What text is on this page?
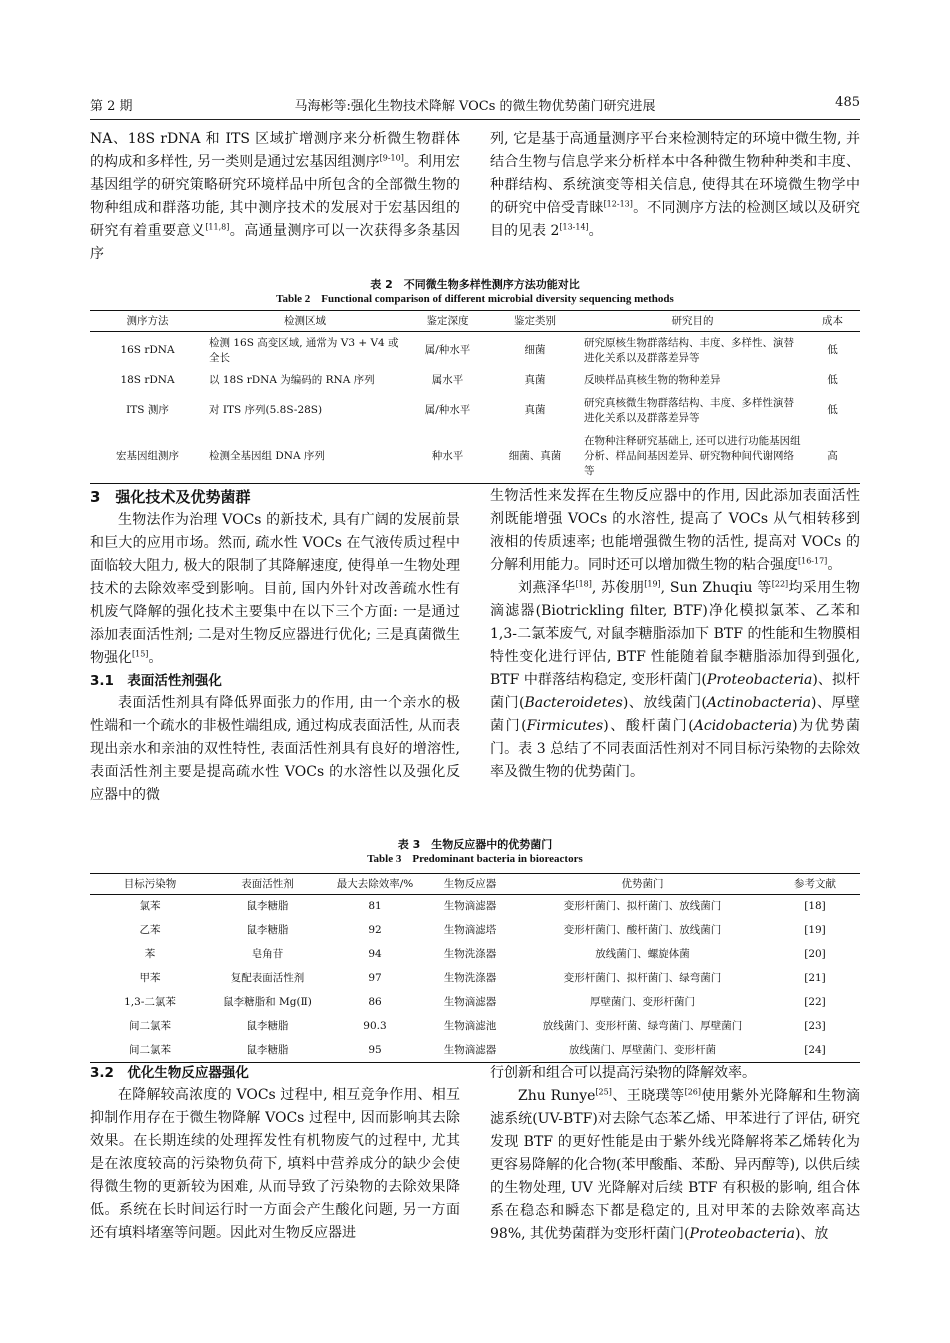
第 2 期	马海彬等:强化生物技术降解 VOCs 的微生物优势菌门研究进展	485

NA、18S rDNA 和 ITS 区域扩增测序来分析微生物群体的构成和多样性, 另一类则是通过宏基因组测序[9-10]。利用宏基因组学的研究策略研究环境样品中所包含的全部微生物的物种组成和群落功能, 其中测序技术的发展对于宏基因组的研究有着重要意义[11,8]。高通量测序可以一次获得多条基因序

列, 它是基于高通量测序平台来检测特定的环境中微生物, 并结合生物与信息学来分析样本中各种微生物种种类和丰度、种群结构、系统演变等相关信息, 使得其在环境微生物学中的研究中倍受青睐[12-13]。不同测序方法的检测区域以及研究目的见表 2[13-14]。

表 2　不同微生物多样性测序方法功能对比
Table 2　Functional comparison of different microbial diversity sequencing methods
测序方法	检测区域	鉴定深度	鉴定类别	研究目的	成本
16S rDNA	检测 16S 高变区域, 通常为 V3 + V4 或全长	属/种水平	细菌	研究原核生物群落结构、丰度、多样性、演替进化关系以及群落差异等	低
18S rDNA	以 18S rDNA 为编码的 RNA 序列	属水平	真菌	反映样品真核生物的物种差异	低
ITS 测序	对 ITS 序列(5.8S-28S)	属/种水平	真菌	研究真核微生物群落结构、丰度、多样性演替进化关系以及群落差异等	低
宏基因组测序	检测全基因组 DNA 序列	种水平	细菌、真菌	在物种注释研究基础上, 还可以进行功能基因组分析、样品间基因差异、研究物种间代谢网络等	高
3　强化技术及优势菌群

生物法作为治理 VOCs 的新技术, 具有广阔的发展前景和巨大的应用市场。然而, 疏水性 VOCs 在气液传质过程中面临较大阻力, 极大的限制了其降解速度, 使得单一生物处理技术的去除效率受到影响。目前, 国内外针对改善疏水性有机废气降解的强化技术主要集中在以下三个方面: 一是通过添加表面活性剂; 二是对生物反应器进行优化; 三是真菌微生物强化[15]。

3.1　表面活性剂强化

表面活性剂具有降低界面张力的作用, 由一个亲水的极性端和一个疏水的非极性端组成, 通过构成表面活性, 从而表现出亲水和亲油的双性特性, 表面活性剂具有良好的增溶性, 表面活性剂主要是提高疏水性 VOCs 的水溶性以及强化反应器中的微

生物活性来发挥在生物反应器中的作用, 因此添加表面活性剂既能增强 VOCs 的水溶性, 提高了 VOCs 从气相转移到液相的传质速率; 也能增强微生物的活性, 提高对 VOCs 的分解利用能力。同时还可以增加微生物的粘合强度[16-17]。

刘燕泽华[18], 苏俊朋[19], Sun Zhuqiu 等[22]均采用生物滴滤器(Biotrickling filter, BTF)净化模拟氯苯、乙苯和 1,3-二氯苯废气, 对鼠李糖脂添加下 BTF 的性能和生物膜相特性变化进行评估, BTF 性能随着鼠李糖脂添加得到强化, BTF 中群落结构稳定, 变形杆菌门(Proteobacteria)、拟杆菌门(Bacteroidetes)、放线菌门(Actinobacteria)、厚壁菌门(Firmicutes)、酸杆菌门(Acidobacteria)为优势菌门。表 3 总结了不同表面活性剂对不同目标污染物的去除效率及微生物的优势菌门。

表 3　生物反应器中的优势菌门
Table 3　Predominant bacteria in bioreactors
目标污染物	表面活性剂	最大去除效率/%	生物反应器	优势菌门	参考文献
氯苯	鼠李糖脂	81	生物滴滤器	变形杆菌门、拟杆菌门、放线菌门	[18]
乙苯	鼠李糖脂	92	生物滴滤塔	变形杆菌门、酸杆菌门、放线菌门	[19]
苯	皂角苷	94	生物洗涤器	放线菌门、螺旋体菌	[20]
甲苯	复配表面活性剂	97	生物洗涤器	变形杆菌门、拟杆菌门、绿弯菌门	[21]
1,3-二氯苯	鼠李糖脂和 Mg(Ⅱ)	86	生物滴滤器	厚壁菌门、变形杆菌门	[22]
间二氯苯	鼠李糖脂	90.3	生物滴滤池	放线菌门、变形杆菌、绿弯菌门、厚壁菌门	[23]
间二氯苯	鼠李糖脂	95	生物滴滤器	放线菌门、厚壁菌门、变形杆菌	[24]
3.2　优化生物反应器强化

在降解较高浓度的 VOCs 过程中, 相互竞争作用、相互抑制作用存在于微生物降解 VOCs 过程中, 因而影响其去除效果。在长期连续的处理挥发性有机物废气的过程中, 尤其是在浓度较高的污染物负荷下, 填料中营养成分的缺少会使得微生物的更新较为困难, 从而导致了污染物的去除效果降低。系统在长时间运行时一方面会产生酸化问题, 另一方面还有填料堵塞等问题。因此对生物反应器进

行创新和组合可以提高污染物的降解效率。

Zhu Runye[25]、王晓璞等[26]使用紫外光降解和生物滴滤系统(UV-BTF)对去除气态苯乙烯、甲苯进行了评估, 研究发现 BTF 的更好性能是由于紫外线光降解将苯乙烯转化为更容易降解的化合物(苯甲酸酯、苯酚、异丙醇等), 以供后续的生物处理, UV 光降解对后续 BTF 有积极的影响, 组合体系在稳态和瞬态下都是稳定的, 且对甲苯的去除效率高达 98%, 其优势菌群为变形杆菌门(Proteobacteria)、放
